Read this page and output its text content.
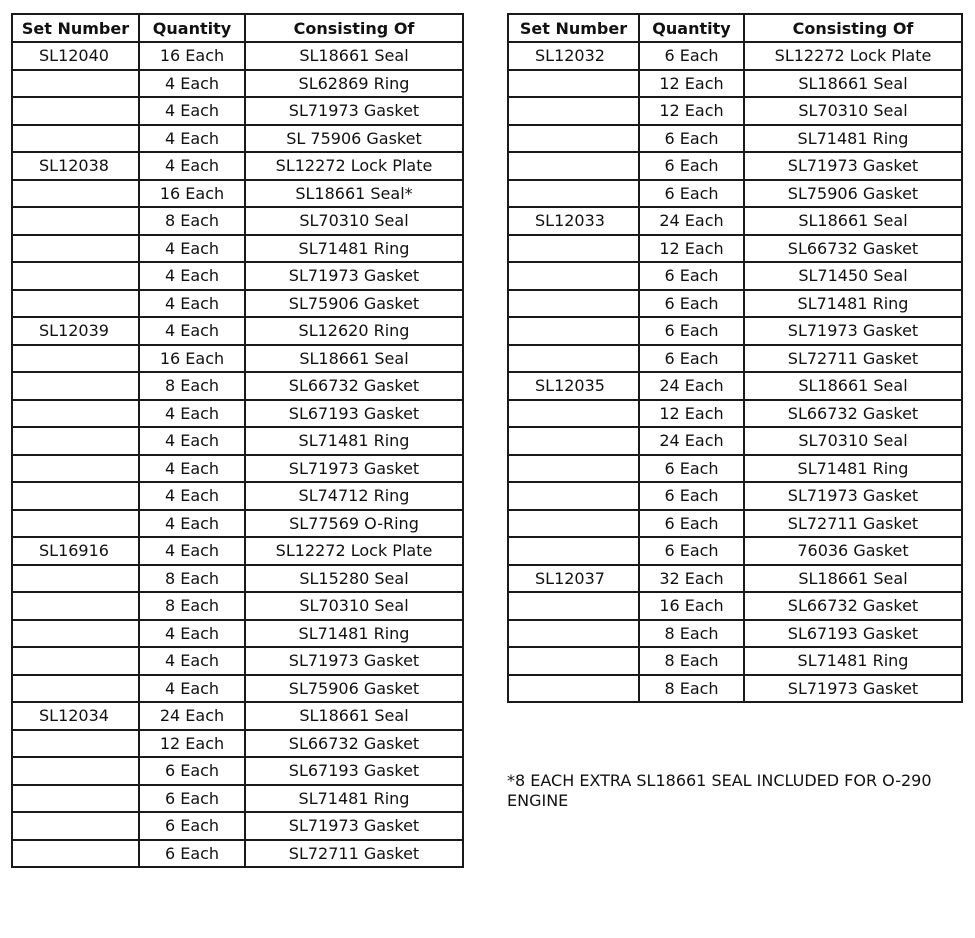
Set Number	Quantity	Consisting Of
SL12040	16 Each	SL18661 Seal
	4 Each	SL62869 Ring
	4 Each	SL71973 Gasket
	4 Each	SL 75906 Gasket
SL12038	4 Each	SL12272 Lock Plate
	16 Each	SL18661 Seal*
	8 Each	SL70310 Seal
	4 Each	SL71481 Ring
	4 Each	SL71973 Gasket
	4 Each	SL75906 Gasket
SL12039	4 Each	SL12620 Ring
	16 Each	SL18661 Seal
	8 Each	SL66732 Gasket
	4 Each	SL67193 Gasket
	4 Each	SL71481 Ring
	4 Each	SL71973 Gasket
	4 Each	SL74712 Ring
	4 Each	SL77569 O-Ring
SL16916	4 Each	SL12272 Lock Plate
	8 Each	SL15280 Seal
	8 Each	SL70310 Seal
	4 Each	SL71481 Ring
	4 Each	SL71973 Gasket
	4 Each	SL75906 Gasket
SL12034	24 Each	SL18661 Seal
	12 Each	SL66732 Gasket
	6 Each	SL67193 Gasket
	6 Each	SL71481 Ring
	6 Each	SL71973 Gasket
	6 Each	SL72711 Gasket
Set Number	Quantity	Consisting Of
SL12032	6 Each	SL12272 Lock Plate
	12 Each	SL18661 Seal
	12 Each	SL70310 Seal
	6 Each	SL71481 Ring
	6 Each	SL71973 Gasket
	6 Each	SL75906 Gasket
SL12033	24 Each	SL18661 Seal
	12 Each	SL66732 Gasket
	6 Each	SL71450 Seal
	6 Each	SL71481 Ring
	6 Each	SL71973 Gasket
	6 Each	SL72711 Gasket
SL12035	24 Each	SL18661 Seal
	12 Each	SL66732 Gasket
	24 Each	SL70310 Seal
	6 Each	SL71481 Ring
	6 Each	SL71973 Gasket
	6 Each	SL72711 Gasket
	6 Each	76036 Gasket
SL12037	32 Each	SL18661 Seal
	16 Each	SL66732 Gasket
	8 Each	SL67193 Gasket
	8 Each	SL71481 Ring
	8 Each	SL71973 Gasket
*8 EACH EXTRA SL18661 SEAL INCLUDED FOR O-290 ENGINE
